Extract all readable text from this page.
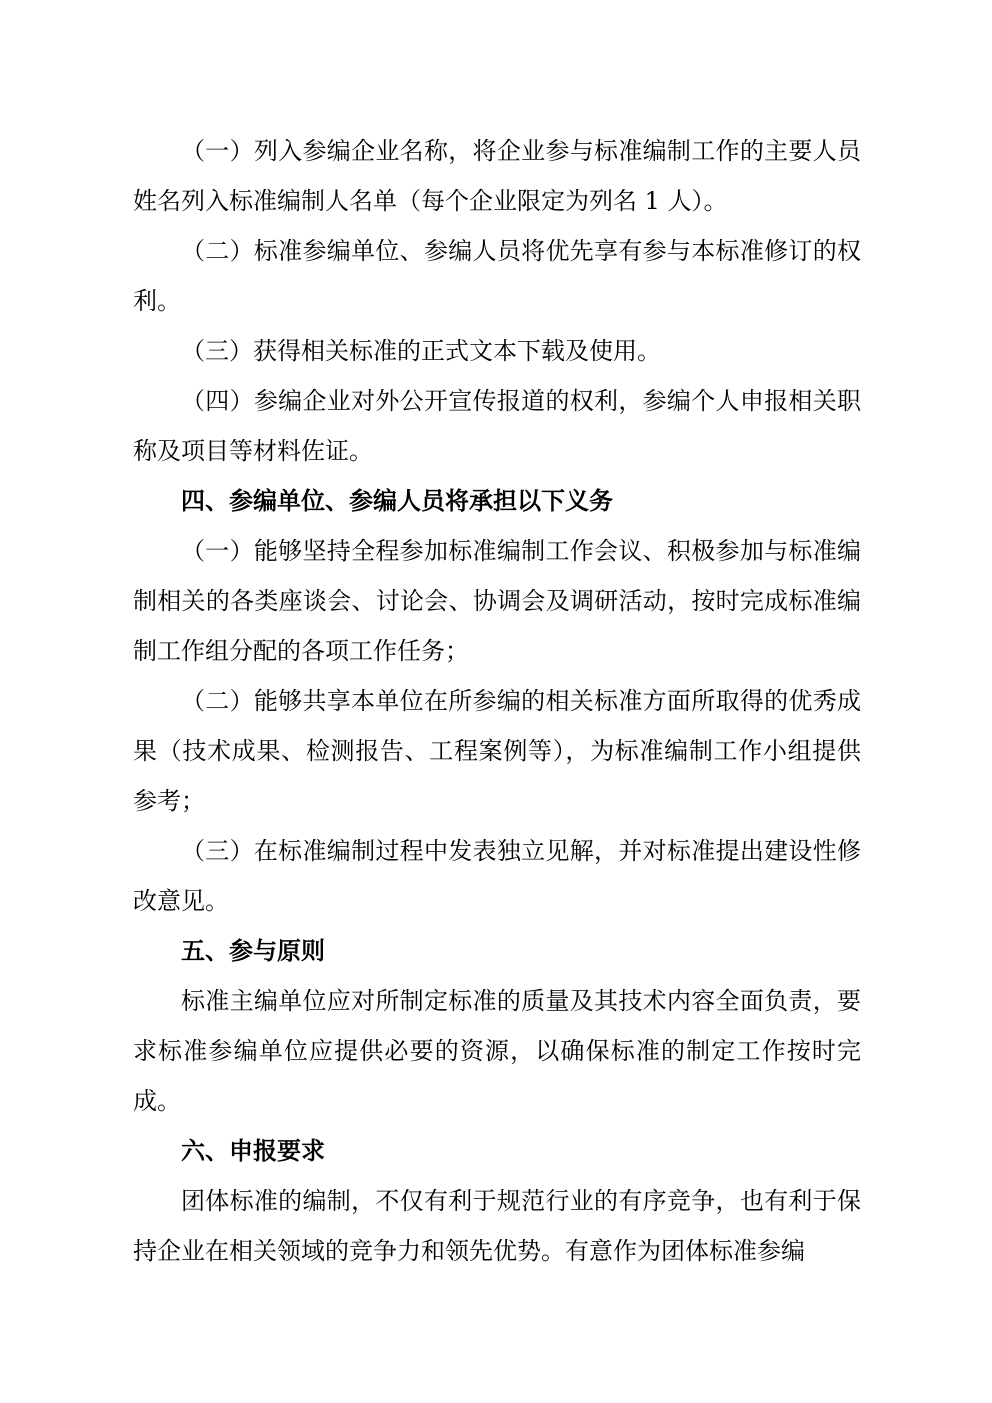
（一）列入参编企业名称，将企业参与标准编制工作的主要人员姓名列入标准编制人名单（每个企业限定为列名 1 人）。

（二）标准参编单位、参编人员将优先享有参与本标准修订的权利。

（三）获得相关标准的正式文本下载及使用。

（四）参编企业对外公开宣传报道的权利，参编个人申报相关职称及项目等材料佐证。

四、参编单位、参编人员将承担以下义务

（一）能够坚持全程参加标准编制工作会议、积极参加与标准编制相关的各类座谈会、讨论会、协调会及调研活动，按时完成标准编制工作组分配的各项工作任务；

（二）能够共享本单位在所参编的相关标准方面所取得的优秀成果（技术成果、检测报告、工程案例等），为标准编制工作小组提供参考；

（三）在标准编制过程中发表独立见解，并对标准提出建设性修改意见。

五、参与原则

标准主编单位应对所制定标准的质量及其技术内容全面负责，要求标准参编单位应提供必要的资源，以确保标准的制定工作按时完成。

六、申报要求

团体标准的编制，不仅有利于规范行业的有序竞争，也有利于保持企业在相关领域的竞争力和领先优势。有意作为团体标准参编
